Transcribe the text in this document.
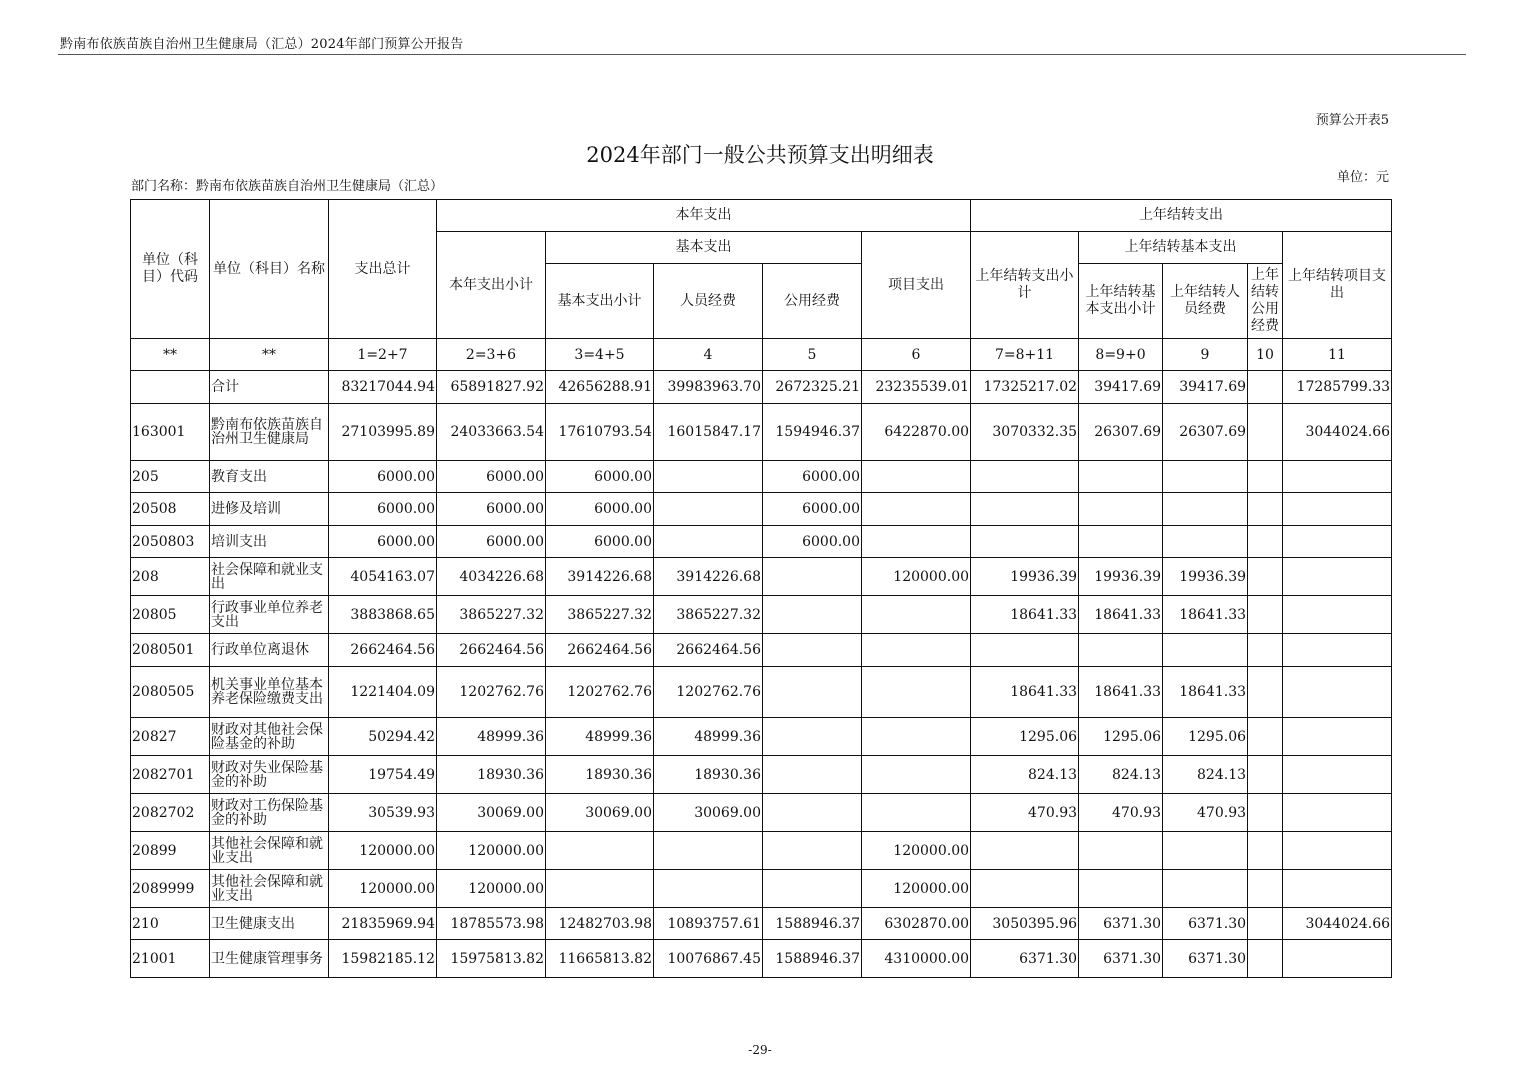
黔南布依族苗族自治州卫生健康局（汇总）2024年部门预算公开报告
预算公开表5
2024年部门一般公共预算支出明细表
部门名称：黔南布依族苗族自治州卫生健康局（汇总）
单位：元
单位（科目）代码	单位（科目）名称	支出总计	本年支出					上年结转支出				
			本年支出小计	基本支出			项目支出	上年结转支出小计	上年结转基本支出			上年结转项目支出
				基本支出小计	人员经费	公用经费			上年结转基本支出小计	上年结转人员经费	上年结转公用经费	
**	**	1=2+7	2=3+6	3=4+5	4	5	6	7=8+11	8=9+0	9	10	11
	合计	83217044.94	65891827.92	42656288.91	39983963.70	2672325.21	23235539.01	17325217.02	39417.69	39417.69		17285799.33
163001	黔南布依族苗族自治州卫生健康局	27103995.89	24033663.54	17610793.54	16015847.17	1594946.37	6422870.00	3070332.35	26307.69	26307.69		3044024.66
205	教育支出	6000.00	6000.00	6000.00		6000.00						
20508	进修及培训	6000.00	6000.00	6000.00		6000.00						
2050803	培训支出	6000.00	6000.00	6000.00		6000.00						
208	社会保障和就业支出	4054163.07	4034226.68	3914226.68	3914226.68		120000.00	19936.39	19936.39	19936.39		
20805	行政事业单位养老支出	3883868.65	3865227.32	3865227.32	3865227.32			18641.33	18641.33	18641.33		
2080501	行政单位离退休	2662464.56	2662464.56	2662464.56	2662464.56							
2080505	机关事业单位基本养老保险缴费支出	1221404.09	1202762.76	1202762.76	1202762.76			18641.33	18641.33	18641.33		
20827	财政对其他社会保险基金的补助	50294.42	48999.36	48999.36	48999.36			1295.06	1295.06	1295.06		
2082701	财政对失业保险基金的补助	19754.49	18930.36	18930.36	18930.36			824.13	824.13	824.13		
2082702	财政对工伤保险基金的补助	30539.93	30069.00	30069.00	30069.00			470.93	470.93	470.93		
20899	其他社会保障和就业支出	120000.00	120000.00				120000.00					
2089999	其他社会保障和就业支出	120000.00	120000.00				120000.00					
210	卫生健康支出	21835969.94	18785573.98	12482703.98	10893757.61	1588946.37	6302870.00	3050395.96	6371.30	6371.30		3044024.66
21001	卫生健康管理事务	15982185.12	15975813.82	11665813.82	10076867.45	1588946.37	4310000.00	6371.30	6371.30	6371.30		
-29-
